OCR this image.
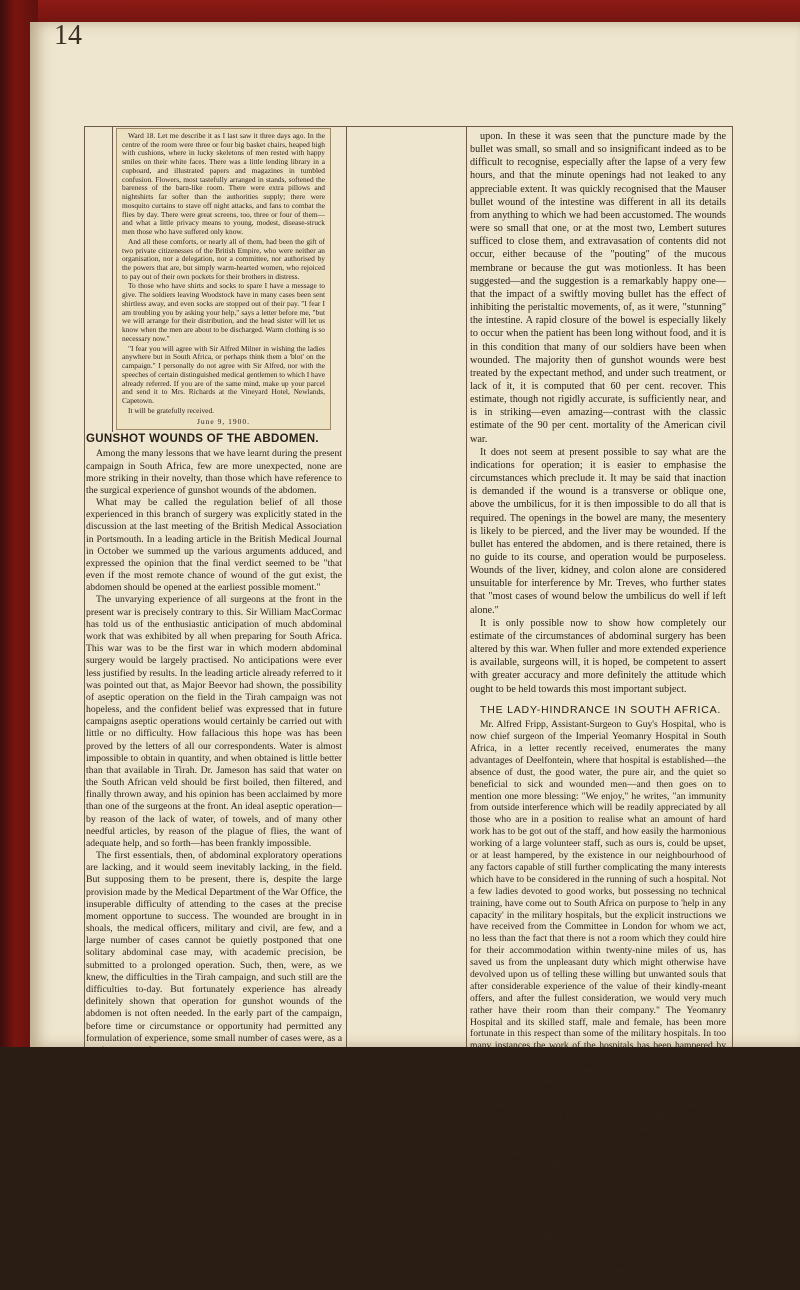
14

Ward 18. Let me describe it as I last saw it three days ago. In the centre of the room were three or four big basket chairs, heaped high with cushions, where in lucky skeletons of men rested with happy smiles on their white faces. There was a little lending library in a cupboard, and illustrated papers and magazines in tumbled confusion. Flowers, most tastefully arranged in stands, softened the bareness of the barn-like room. There were extra pillows and nightshirts far softer than the authorities supply; there were mosquito curtains to stave off night attacks, and fans to combat the flies by day. There were great screens, too, three or four of them—and what a little privacy means to young, modest, disease-struck men those who have suffered only know.

And all these comforts, or nearly all of them, had been the gift of two private citizenesses of the British Empire, who were neither an organisation, nor a delegation, nor a committee, nor authorised by the powers that are, but simply warm-hearted women, who rejoiced to pay out of their own pockets for their brothers in distress.

To those who have shirts and socks to spare I have a message to give. The soldiers leaving Woodstock have in many cases been sent shirtless away, and even socks are stopped out of their pay. "I fear I am troubling you by asking your help," says a letter before me, "but we will arrange for their distribution, and the head sister will let us know when the men are about to be discharged. Warm clothing is so necessary now."

"I fear you will agree with Sir Alfred Milner in wishing the ladies anywhere but in South Africa, or perhaps think them a 'blot' on the campaign." I personally do not agree with Sir Alfred, nor with the speeches of certain distinguished medical gentlemen to which I have already referred. If you are of the same mind, make up your parcel and send it to Mrs. Richards at the Vineyard Hotel, Newlands, Capetown.

It will be gratefully received.

June 9, 1900.

GUNSHOT WOUNDS OF THE ABDOMEN.

Among the many lessons that we have learnt during the present campaign in South Africa, few are more unexpected, none are more striking in their novelty, than those which have reference to the surgical experience of gunshot wounds of the abdomen.

What may be called the regulation belief of all those experienced in this branch of surgery was explicitly stated in the discussion at the last meeting of the British Medical Association in Portsmouth. In a leading article in the British Medical Journal in October we summed up the various arguments adduced, and expressed the opinion that the final verdict seemed to be "that even if the most remote chance of wound of the gut exist, the abdomen should be opened at the earliest possible moment."

The unvarying experience of all surgeons at the front in the present war is precisely contrary to this. Sir William MacCormac has told us of the enthusiastic anticipation of much abdominal work that was exhibited by all when preparing for South Africa. This war was to be the first war in which modern abdominal surgery would be largely practised. No anticipations were ever less justified by results. In the leading article already referred to it was pointed out that, as Major Beevor had shown, the possibility of aseptic operation on the field in the Tirah campaign was not hopeless, and the confident belief was expressed that in future campaigns aseptic operations would certainly be carried out with little or no difficulty. How fallacious this hope was has been proved by the letters of all our correspondents. Water is almost impossible to obtain in quantity, and when obtained is little better than that available in Tirah. Dr. Jameson has said that water on the South African veld should be first boiled, then filtered, and finally thrown away, and his opinion has been acclaimed by more than one of the surgeons at the front. An ideal aseptic operation—by reason of the lack of water, of towels, and of many other needful articles, by reason of the plague of flies, the want of adequate help, and so forth—has been frankly impossible.

The first essentials, then, of abdominal exploratory operations are lacking, and it would seem inevitably lacking, in the field. But supposing them to be present, there is, despite the large provision made by the Medical Department of the War Office, the insuperable difficulty of attending to the cases at the precise moment opportune to success. The wounded are brought in in shoals, the medical officers, military and civil, are few, and a large number of cases cannot be quietly postponed that one solitary abdominal case may, with academic precision, be submitted to a prolonged operation. Such, then, were, as we knew, the difficulties in the Tirah campaign, and such still are the difficulties to-day. But fortunately experience has already definitely shown that operation for gunshot wounds of the abdomen is not often needed. In the early part of the campaign, before time or circumstance or opportunity had permitted any formulation of experience, some small number of cases were, as a routine, operated

upon. In these it was seen that the puncture made by the bullet was small, so small and so insignificant indeed as to be difficult to recognise, especially after the lapse of a very few hours, and that the minute openings had not leaked to any appreciable extent. It was quickly recognised that the Mauser bullet wound of the intestine was different in all its details from anything to which we had been accustomed. The wounds were so small that one, or at the most two, Lembert sutures sufficed to close them, and extravasation of contents did not occur, either because of the "pouting" of the mucous membrane or because the gut was motionless. It has been suggested—and the suggestion is a remarkably happy one—that the impact of a swiftly moving bullet has the effect of inhibiting the peristaltic movements, of, as it were, "stunning" the intestine. A rapid closure of the bowel is especially likely to occur when the patient has been long without food, and it is in this condition that many of our soldiers have been when wounded. The majority then of gunshot wounds were best treated by the expectant method, and under such treatment, or lack of it, it is computed that 60 per cent. recover. This estimate, though not rigidly accurate, is sufficiently near, and is in striking—even amazing—contrast with the classic estimate of the 90 per cent. mortality of the American civil war.

It does not seem at present possible to say what are the indications for operation; it is easier to emphasise the circumstances which preclude it. It may be said that inaction is demanded if the wound is a transverse or oblique one, above the umbilicus, for it is then impossible to do all that is required. The openings in the bowel are many, the mesentery is likely to be pierced, and the liver may be wounded. If the bullet has entered the abdomen, and is there retained, there is no guide to its course, and operation would be purposeless. Wounds of the liver, kidney, and colon alone are considered unsuitable for interference by Mr. Treves, who further states that "most cases of wound below the umbilicus do well if left alone."

It is only possible now to show how completely our estimate of the circumstances of abdominal surgery has been altered by this war. When fuller and more extended experience is available, surgeons will, it is hoped, be competent to assert with greater accuracy and more definitely the attitude which ought to be held towards this most important subject.

THE LADY-HINDRANCE IN SOUTH AFRICA.

Mr. Alfred Fripp, Assistant-Surgeon to Guy's Hospital, who is now chief surgeon of the Imperial Yeomanry Hospital in South Africa, in a letter recently received, enumerates the many advantages of Deelfontein, where that hospital is established—the absence of dust, the good water, the pure air, and the quiet so beneficial to sick and wounded men—and then goes on to mention one more blessing: "We enjoy," he writes, "an immunity from outside interference which will be readily appreciated by all those who are in a position to realise what an amount of hard work has to be got out of the staff, and how easily the harmonious working of a large volunteer staff, such as ours is, could be upset, or at least hampered, by the existence in our neighbourhood of any factors capable of still further complicating the many interests which have to be considered in the running of such a hospital. Not a few ladies devoted to good works, but possessing no technical training, have come out to South Africa on purpose to 'help in any capacity' in the military hospitals, but the explicit instructions we have received from the Committee in London for whom we act, no less than the fact that there is not a room which they could hire for their accommodation within twenty-nine miles of us, has saved us from the unpleasant duty which might otherwise have devolved upon us of telling these willing but unwanted souls that after considerable experience of the value of their kindly-meant offers, and after the fullest consideration, we would very much rather have their room than their company." The Yeomanry Hospital and its skilled staff, male and female, has been more fortunate in this respect than some of the military hospitals. In too many instances the work of the hospitals has been hampered by the incursions of ladies who, while eager to pose as Florence Nightingales, have failed to make themselves acquainted with the most elementary rules of good nursing, and have even refused to obey strict instructions issued in the interests of the patients. Defeated at Capetown and repulsed from Bloemfontein, this "monstrous regiment of women" is now, it would appear, finding its way back to this country, and is commencing a campaign of vengeance against the medical authorities who have had to discharge the disagreeable duty of telling them that they were hindrances and not helps. What success they may have in this new enterprise it is difficult to foresee, but it must be obvious to every man and woman possessed of the common sense which these ladies seem plentifully to lack that the extreme measures which it was found necessary to take would not have been put in force, and the official warning which Sir Alfred Milner issued would not have been promulgated, had it not been found absolutely necessary to take strong measures for the protection of the sick and wounded men in the hospitals, who have a right to expect that they shall be saved from the unsolicited attentions of fashionable ladies in search of a new sensation.
